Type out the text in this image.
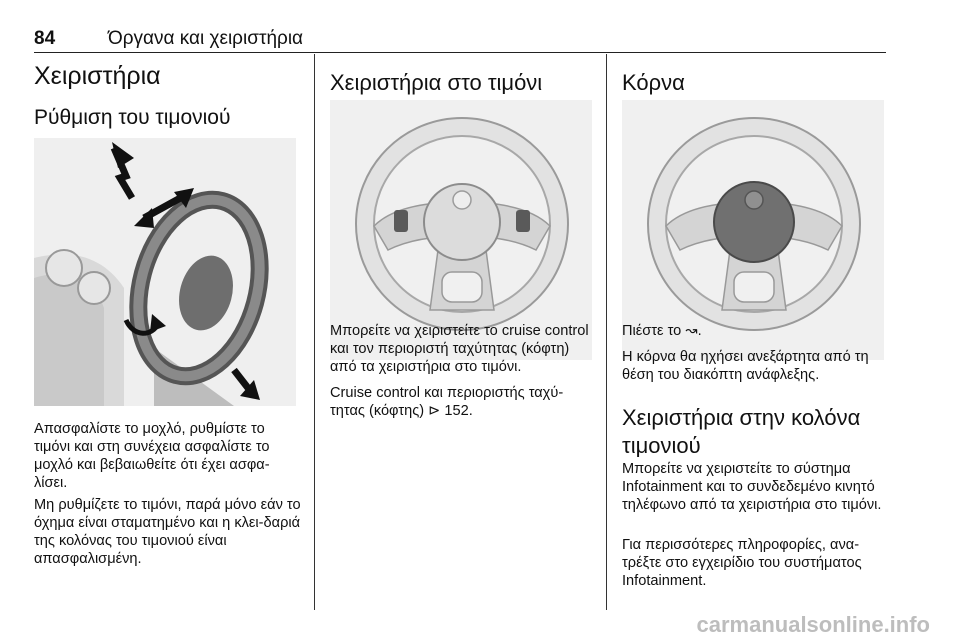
84	Όργανα και χειριστήρια
Χειριστήρια
Ρύθμιση του τιμονιού

Απασφαλίστε το μοχλό, ρυθμίστε το τιμόνι και στη συνέχεια ασφαλίστε το μοχλό και βεβαιωθείτε ότι έχει ασφα-λίσει.

Μη ρυθμίζετε το τιμόνι, παρά μόνο εάν το όχημα είναι σταματημένο και η κλει-δαριά της κολόνας του τιμονιού είναι απασφαλισμένη.

Χειριστήρια στο τιμόνι

Μπορείτε να χειριστείτε το cruise control και τον περιοριστή ταχύτητας (κόφτη) από τα χειριστήρια στο τιμόνι.

Cruise control και περιοριστής ταχύ-τητας (κόφτης) ⊳ 152.

Κόρνα

Πιέστε το ↝.

Η κόρνα θα ηχήσει ανεξάρτητα από τη θέση του διακόπτη ανάφλεξης.

Χειριστήρια στην κολόνα τιμονιού

Μπορείτε να χειριστείτε το σύστημα Infotainment και το συνδεδεμένο κινητό τηλέφωνο από τα χειριστήρια στο τιμόνι.

Για περισσότερες πληροφορίες, ανα-τρέξτε στο εγχειρίδιο του συστήματος Infotainment.

carmanualsonline.info
